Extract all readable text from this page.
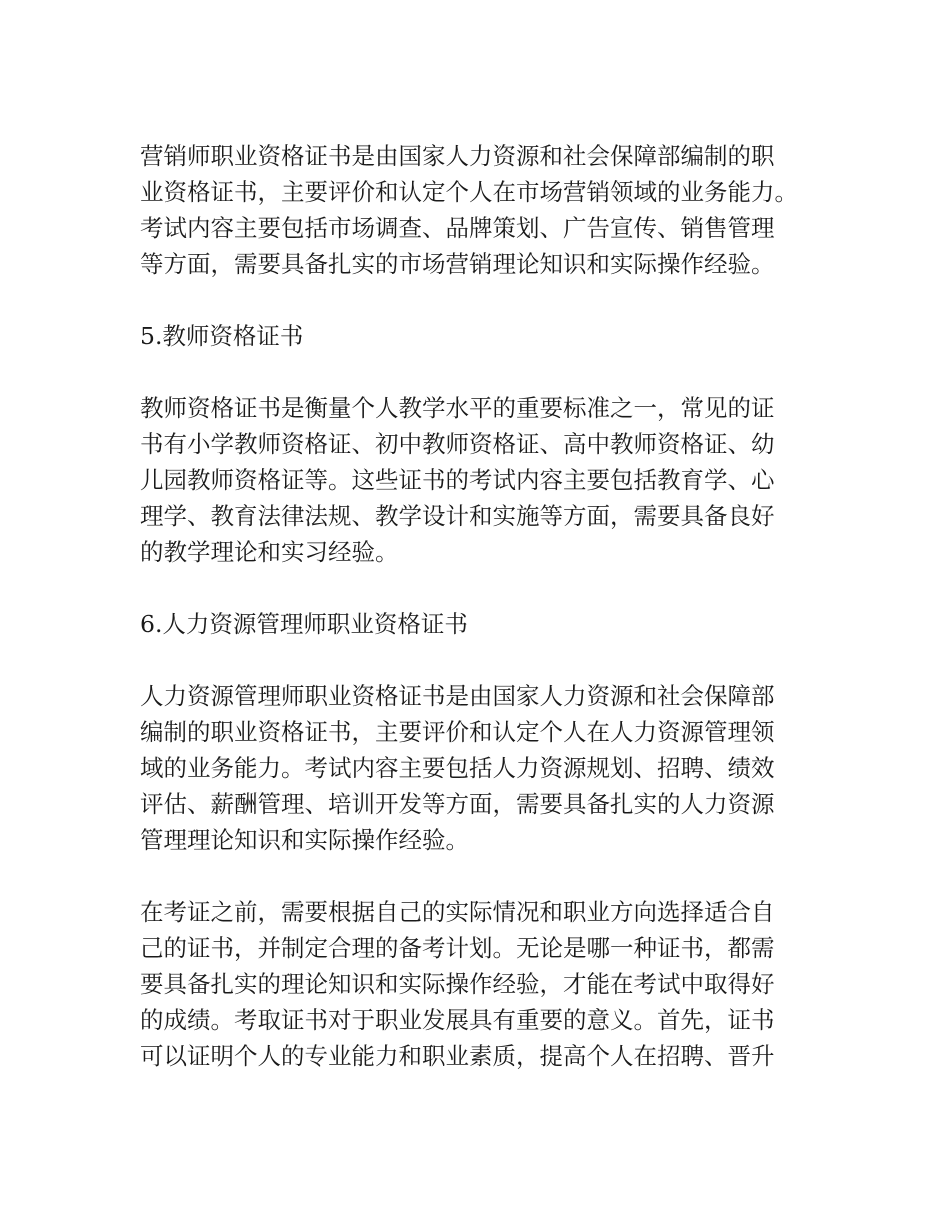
营销师职业资格证书是由国家人力资源和社会保障部编制的职
业资格证书，主要评价和认定个人在市场营销领域的业务能力。
考试内容主要包括市场调查、品牌策划、广告宣传、销售管理
等方面，需要具备扎实的市场营销理论知识和实际操作经验。

5.教师资格证书

教师资格证书是衡量个人教学水平的重要标准之一，常见的证
书有小学教师资格证、初中教师资格证、高中教师资格证、幼
儿园教师资格证等。这些证书的考试内容主要包括教育学、心
理学、教育法律法规、教学设计和实施等方面，需要具备良好
的教学理论和实习经验。

6.人力资源管理师职业资格证书

人力资源管理师职业资格证书是由国家人力资源和社会保障部
编制的职业资格证书，主要评价和认定个人在人力资源管理领
域的业务能力。考试内容主要包括人力资源规划、招聘、绩效
评估、薪酬管理、培训开发等方面，需要具备扎实的人力资源
管理理论知识和实际操作经验。

在考证之前，需要根据自己的实际情况和职业方向选择适合自
己的证书，并制定合理的备考计划。无论是哪一种证书，都需
要具备扎实的理论知识和实际操作经验，才能在考试中取得好
的成绩。考取证书对于职业发展具有重要的意义。首先，证书
可以证明个人的专业能力和职业素质，提高个人在招聘、晋升
